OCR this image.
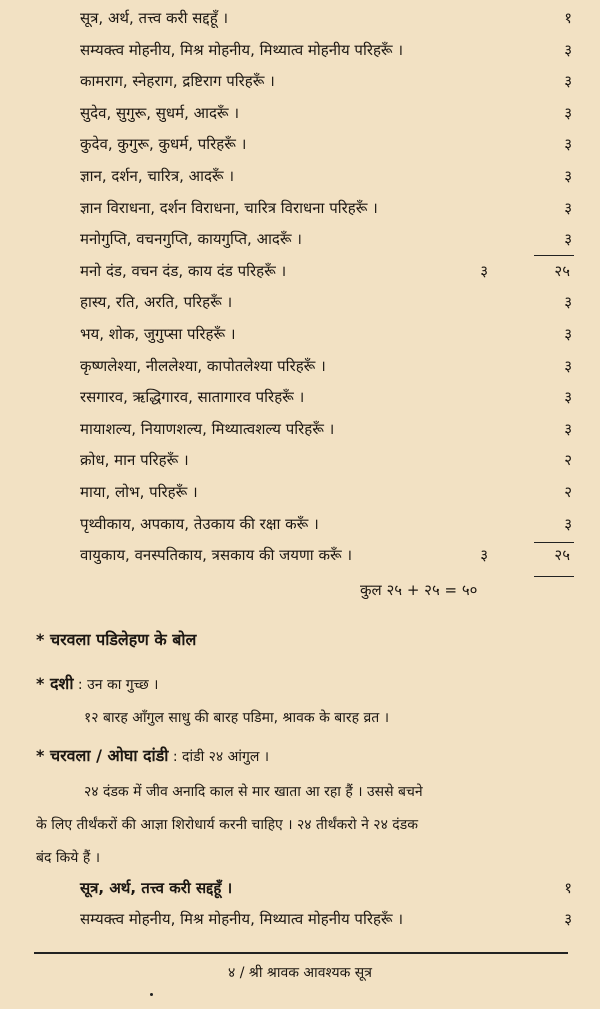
सूत्र, अर्थ, तत्त्व करी सद्दहूँ ।	१
सम्यक्त्व मोहनीय, मिश्र मोहनीय, मिथ्यात्व मोहनीय परिहरूँ ।	३
कामराग, स्नेहराग, द्रष्टिराग परिहरूँ ।	३
सुदेव, सुगुरू, सुधर्म, आदरूँ ।	३
कुदेव, कुगुरू, कुधर्म, परिहरूँ ।	३
ज्ञान, दर्शन, चारित्र, आदरूँ ।	३
ज्ञान विराधना, दर्शन विराधना, चारित्र विराधना परिहरूँ ।	३
मनोगुप्ति, वचनगुप्ति, कायगुप्ति, आदरूँ ।	३
मनो दंड, वचन दंड, काय दंड परिहरूँ ।	३	२५
हास्य, रति, अरति, परिहरूँ ।	३
भय, शोक, जुगुप्सा परिहरूँ ।	३
कृष्णलेश्या, नीललेश्या, कापोतलेश्या परिहरूँ ।	३
रसगारव, ऋद्धिगारव, सातागारव परिहरूँ ।	३
मायाशल्य, नियाणशल्य, मिथ्यात्वशल्य परिहरूँ ।	३
क्रोध, मान परिहरूँ ।	२
माया, लोभ, परिहरूँ ।	२
पृथ्वीकाय, अपकाय, तेउकाय की रक्षा करूँ ।	३
वायुकाय, वनस्पतिकाय, त्रसकाय की जयणा करूँ ।	३	२५
कुल २५ + २५ = ५०
* चरवला पडिलेहण के बोल
* दशी : उन का गुच्छ ।
१२ बारह आँगुल साधु की बारह पडिमा, श्रावक के बारह व्रत ।
* चरवला / ओघा दांडी : दांडी २४ आंगुल ।
२४ दंडक में जीव अनादि काल से मार खाता आ रहा हैं । उससे बचने
के लिए तीर्थंकरों की आज्ञा शिरोधार्य करनी चाहिए । २४ तीर्थंकरो ने २४ दंडक
बंद किये हैं ।
सूत्र, अर्थ, तत्त्व करी सद्दहूँ ।	१
सम्यक्त्व मोहनीय, मिश्र मोहनीय, मिथ्यात्व मोहनीय परिहरूँ ।	३
४ / श्री श्रावक आवश्यक सूत्र
